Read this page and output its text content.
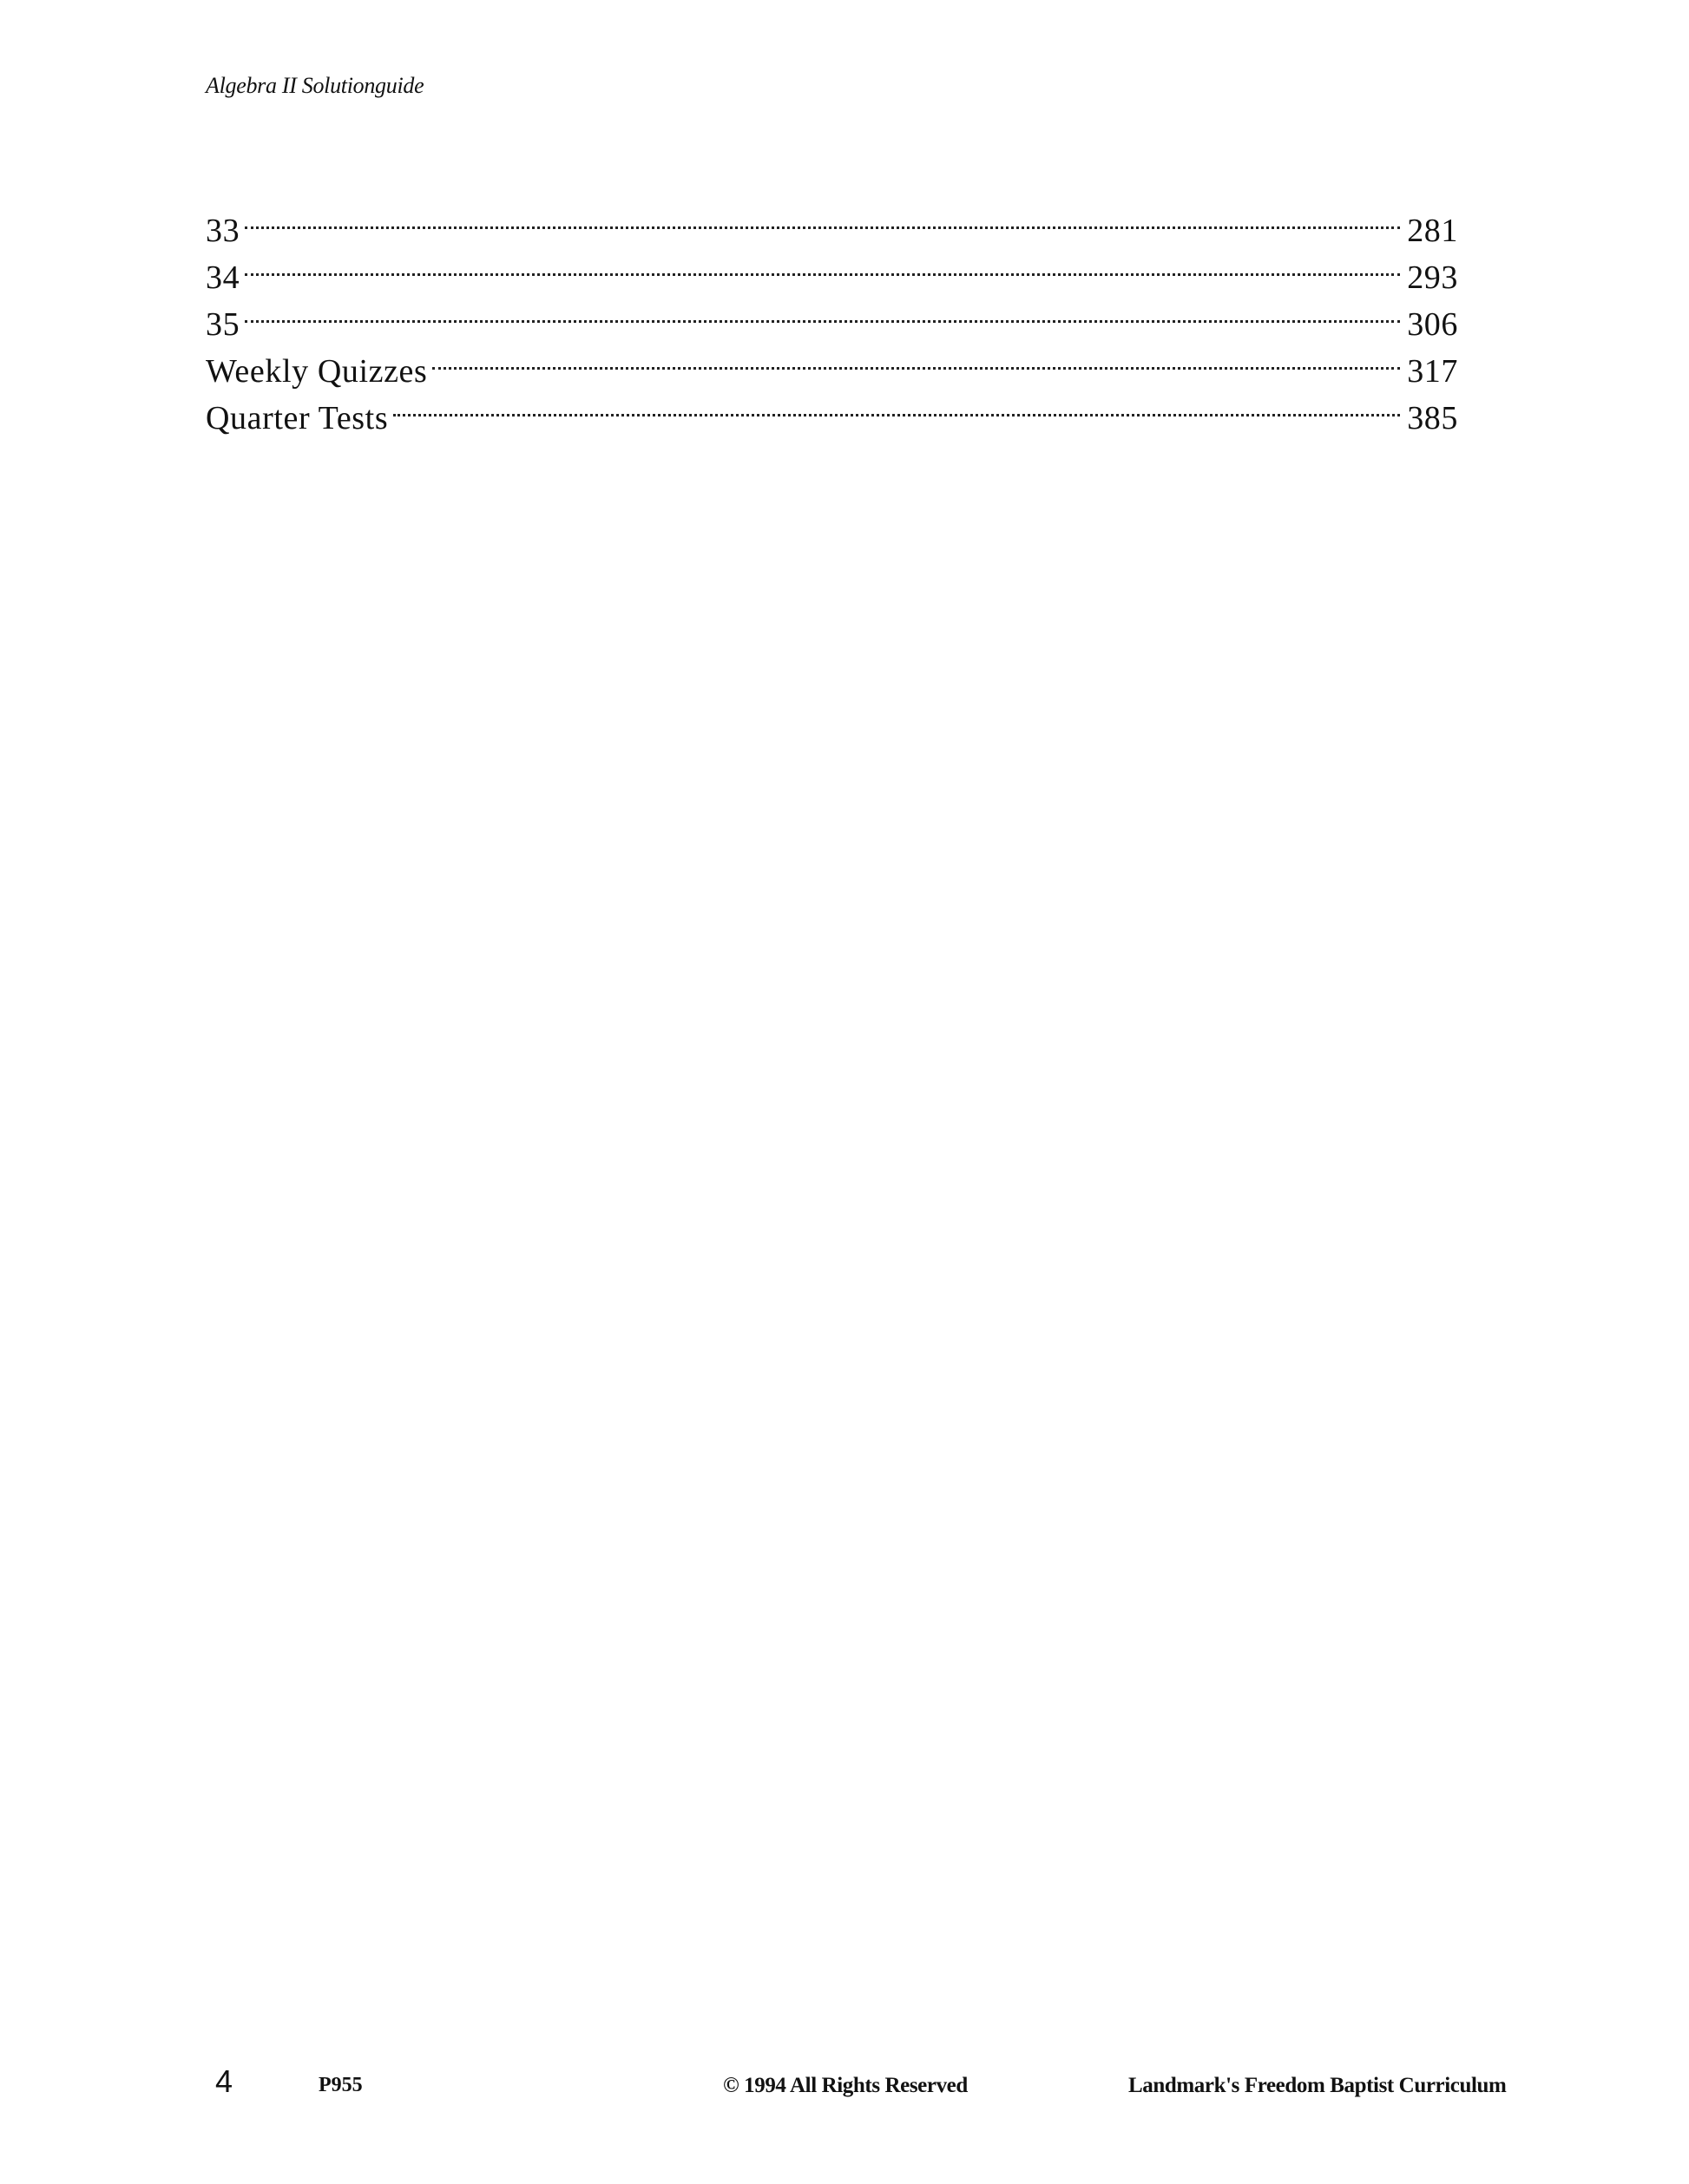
Algebra II Solutionguide
33	281
34	293
35	306
Weekly Quizzes	317
Quarter Tests	385
4	P955	© 1994 All Rights Reserved	Landmark's Freedom Baptist Curriculum
